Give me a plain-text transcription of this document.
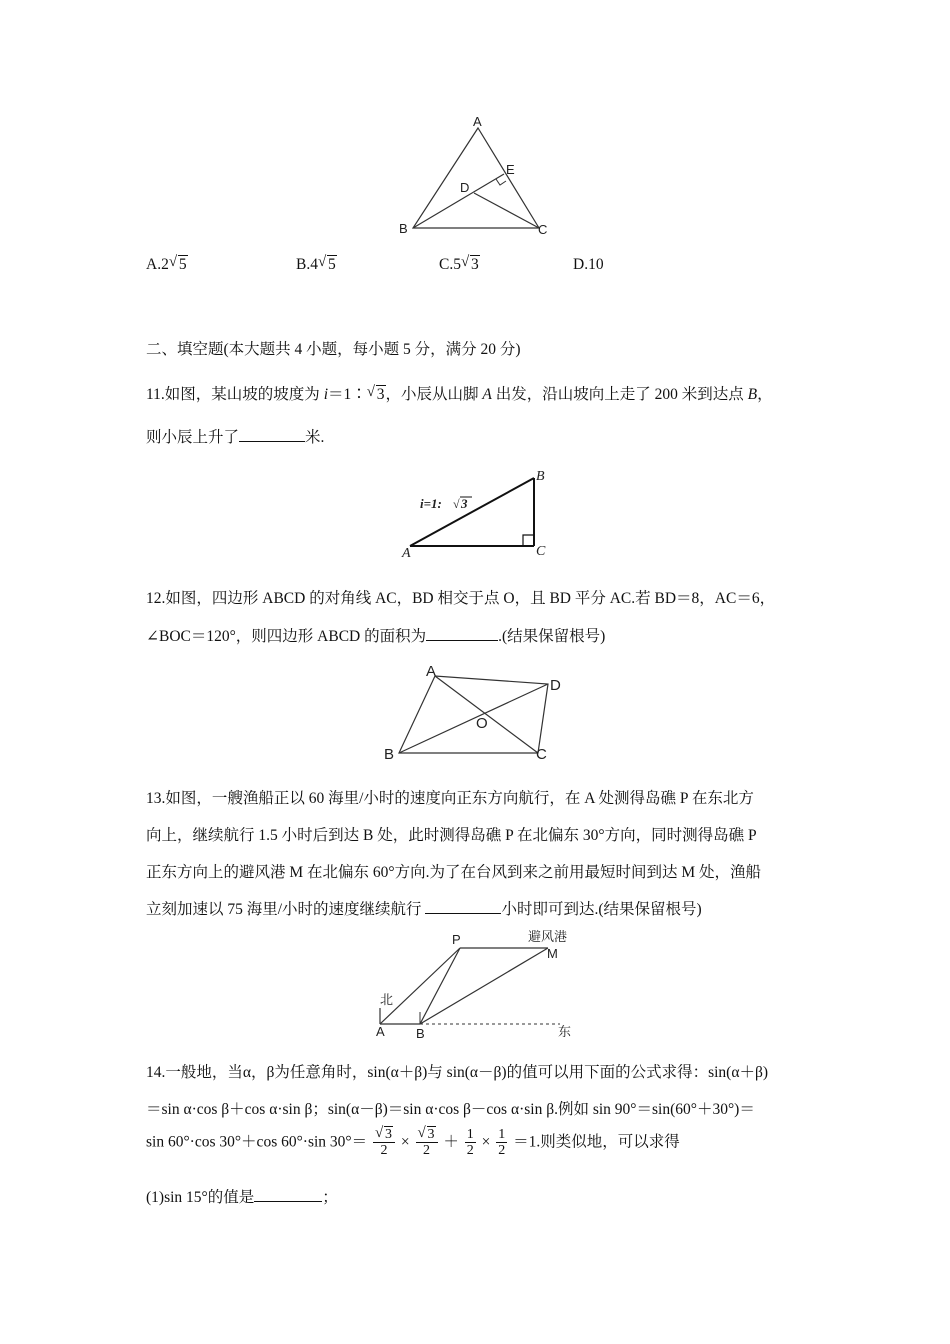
A
B	C
D
E
A.2 √ 5	B.4 √ 5	C.5 √ 3	D.10
二、填空题(本大题共 4 小题，每小题 5 分，满分 20 分)
11.如图，某山坡的坡度为 i＝1∶ √ 3，小辰从山脚 A 出发，沿山坡向上走了 200 米到达点 B，
则小辰上升了	米.
i=1: √ 3
A
B
C
12.如图，四边形 ABCD 的对角线 AC，BD 相交于点 O，且 BD 平分 AC.若 BD＝8，AC＝6，
∠BOC＝120°，则四边形 ABCD 的面积为	.(结果保留根号)
A
B	C
D
O
13.如图，一艘渔船正以 60 海里/小时的速度向正东方向航行，在 A 处测得岛礁 P 在东北方
向上，继续航行 1.5 小时后到达 B 处，此时测得岛礁 P 在北偏东 30°方向，同时测得岛礁 P
正东方向上的避风港 M 在北偏东 60°方向.为了在台风到来之前用最短时间到达 M 处，渔船
立刻加速以 75 海里/小时的速度继续航行	小时即可到达.(结果保留根号)
避风港
P
M
北
A B	东
14.一般地，当α，β为任意角时，sin(α＋β)与 sin(α－β)的值可以用下面的公式求得：sin(α＋β)
＝sin α·cos β＋cos α·sin β；sin(α－β)＝sin α·cos β－cos α·sin β.例如 sin 90°＝sin(60°＋30°)＝
sin 60°·cos 30°＋cos 60°·sin $30^\circ= \frac{√ 3}{2} \times \frac{√ 3}{2} + \frac{1}{2} \times \frac{1}{2} =1$.则类似地，可以求得
(1)sin 15°的值是	；
